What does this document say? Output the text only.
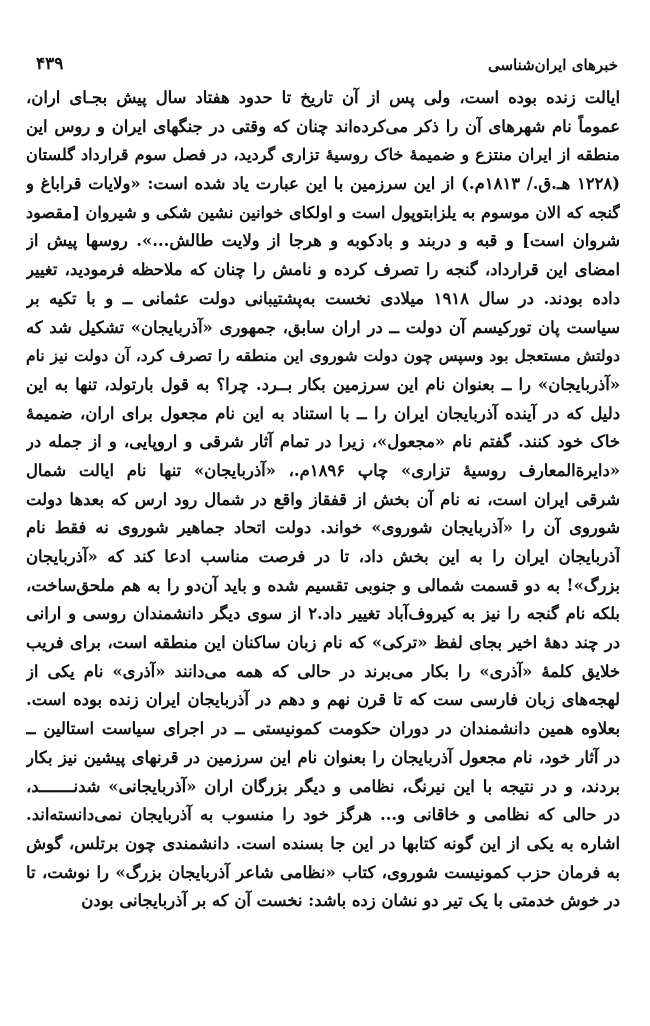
۴۳۹	خبرهای ایران‌شناسی
ایالت زنده بوده است، ولی پس از آن تاریخ تا حدود هفتاد سال پیش بجـای اران،
عموماً نام شهرهای آن را ذکر می‌کرده‌اند چنان که وقتی در جنگهای ایران و روس این
منطقه از ایران منتزع و ضمیمهٔ خاک روسیهٔ تزاری گردید، در فصل سوم قرارداد گلستان
(۱۲۲۸ هـ.ق./ ۱۸۱۳م.) از این سرزمین با این عبارت یاد شده است: «ولایات قراباغ و
گنجه که الان موسوم به یلزابتوپول است و اولکای خوانین نشین شکی و شیروان [مقصود
شروان است] و قبه و دربند و بادکوبه و هرجا از ولایت طالش...». روسها پیش از
امضای این قرارداد، گنجه را تصرف کرده و نامش را چنان که ملاحظه فرمودید، تغییر
داده بودند. در سال ۱۹۱۸ میلادی نخست به‌پشتیبانی دولت عثمانی ــ و با تکیه بر
سیاست پان تورکیسم آن دولت ــ در اران سابق، جمهوری «آذربایجان» تشکیل شد که
دولتش مستعجل بود وسپس چون دولت شوروی این منطقه را تصرف کرد، آن دولت نیز نام
«آذربایجان» را ــ بعنوان نام این سرزمین بکار بــرد. چرا؟ به قول بارتولد، تنها به این
دلیل که در آینده آذربایجان ایران را ــ با استناد به این نام مجعول برای اران، ضمیمهٔ
خاک خود کنند. گفتم نام «مجعول»، زیرا در تمام آثار شرقی و اروپایی، و از جمله در
«دایرة‌المعارف روسیهٔ تزاری» چاپ ۱۸۹۶م.، «آذربایجان» تنها نام ایالت شمال
شرقی ایران است، نه نام آن بخش از قفقاز واقع در شمال رود ارس که بعدها دولت
شوروی آن را «آذربایجان شوروی» خواند. دولت اتحاد جماهیر شوروی نه فقط نام
آذربایجان ایران را به این بخش داد، تا در فرصت مناسب ادعا کند که «آذربایجان
بزرگ»! به دو قسمت شمالی و جنوبی تقسیم شده و باید آن‌دو را به هم ملحق‌ساخت،
بلکه نام گنجه را نیز به کیروف‌آباد تغییر داد.۲ از سوی دیگر دانشمندان روسی و ارانی
در چند دههٔ اخیر بجای لفظ «ترکی» که نام زبان ساکنان این منطقه است، برای فریب
خلایق کلمهٔ «آذری» را بکار می‌برند در حالی که همه می‌دانند «آذری» نام یکی از
لهجه‌های زبان فارسی ست که تا قرن نهم و دهم در آذربایجان ایران زنده بوده است.
بعلاوه همین دانشمندان در دوران حکومت کمونیستی ــ در اجرای سیاست استالین ــ
در آثار خود، نام مجعول آذربایجان را بعنوان نام این سرزمین در قرنهای پیشین نیز بکار
بردند، و در نتیجه با این نیرنگ، نظامی و دیگر بزرگان اران «آذربایجانی» شدنـــــــد،
در حالی که نظامی و خاقانی و... هرگز خود را منسوب به آذربایجان نمی‌دانسته‌اند.
اشاره به یکی از این گونه کتابها در این جا بسنده است. دانشمندی چون برتلس، گوش
به فرمان حزب کمونیست شوروی، کتاب «نظامی شاعر آذربایجان بزرگ» را نوشت، تا
در خوش خدمتی با یک تیر دو نشان زده باشد: نخست آن که بر آذربایجانی بودن
